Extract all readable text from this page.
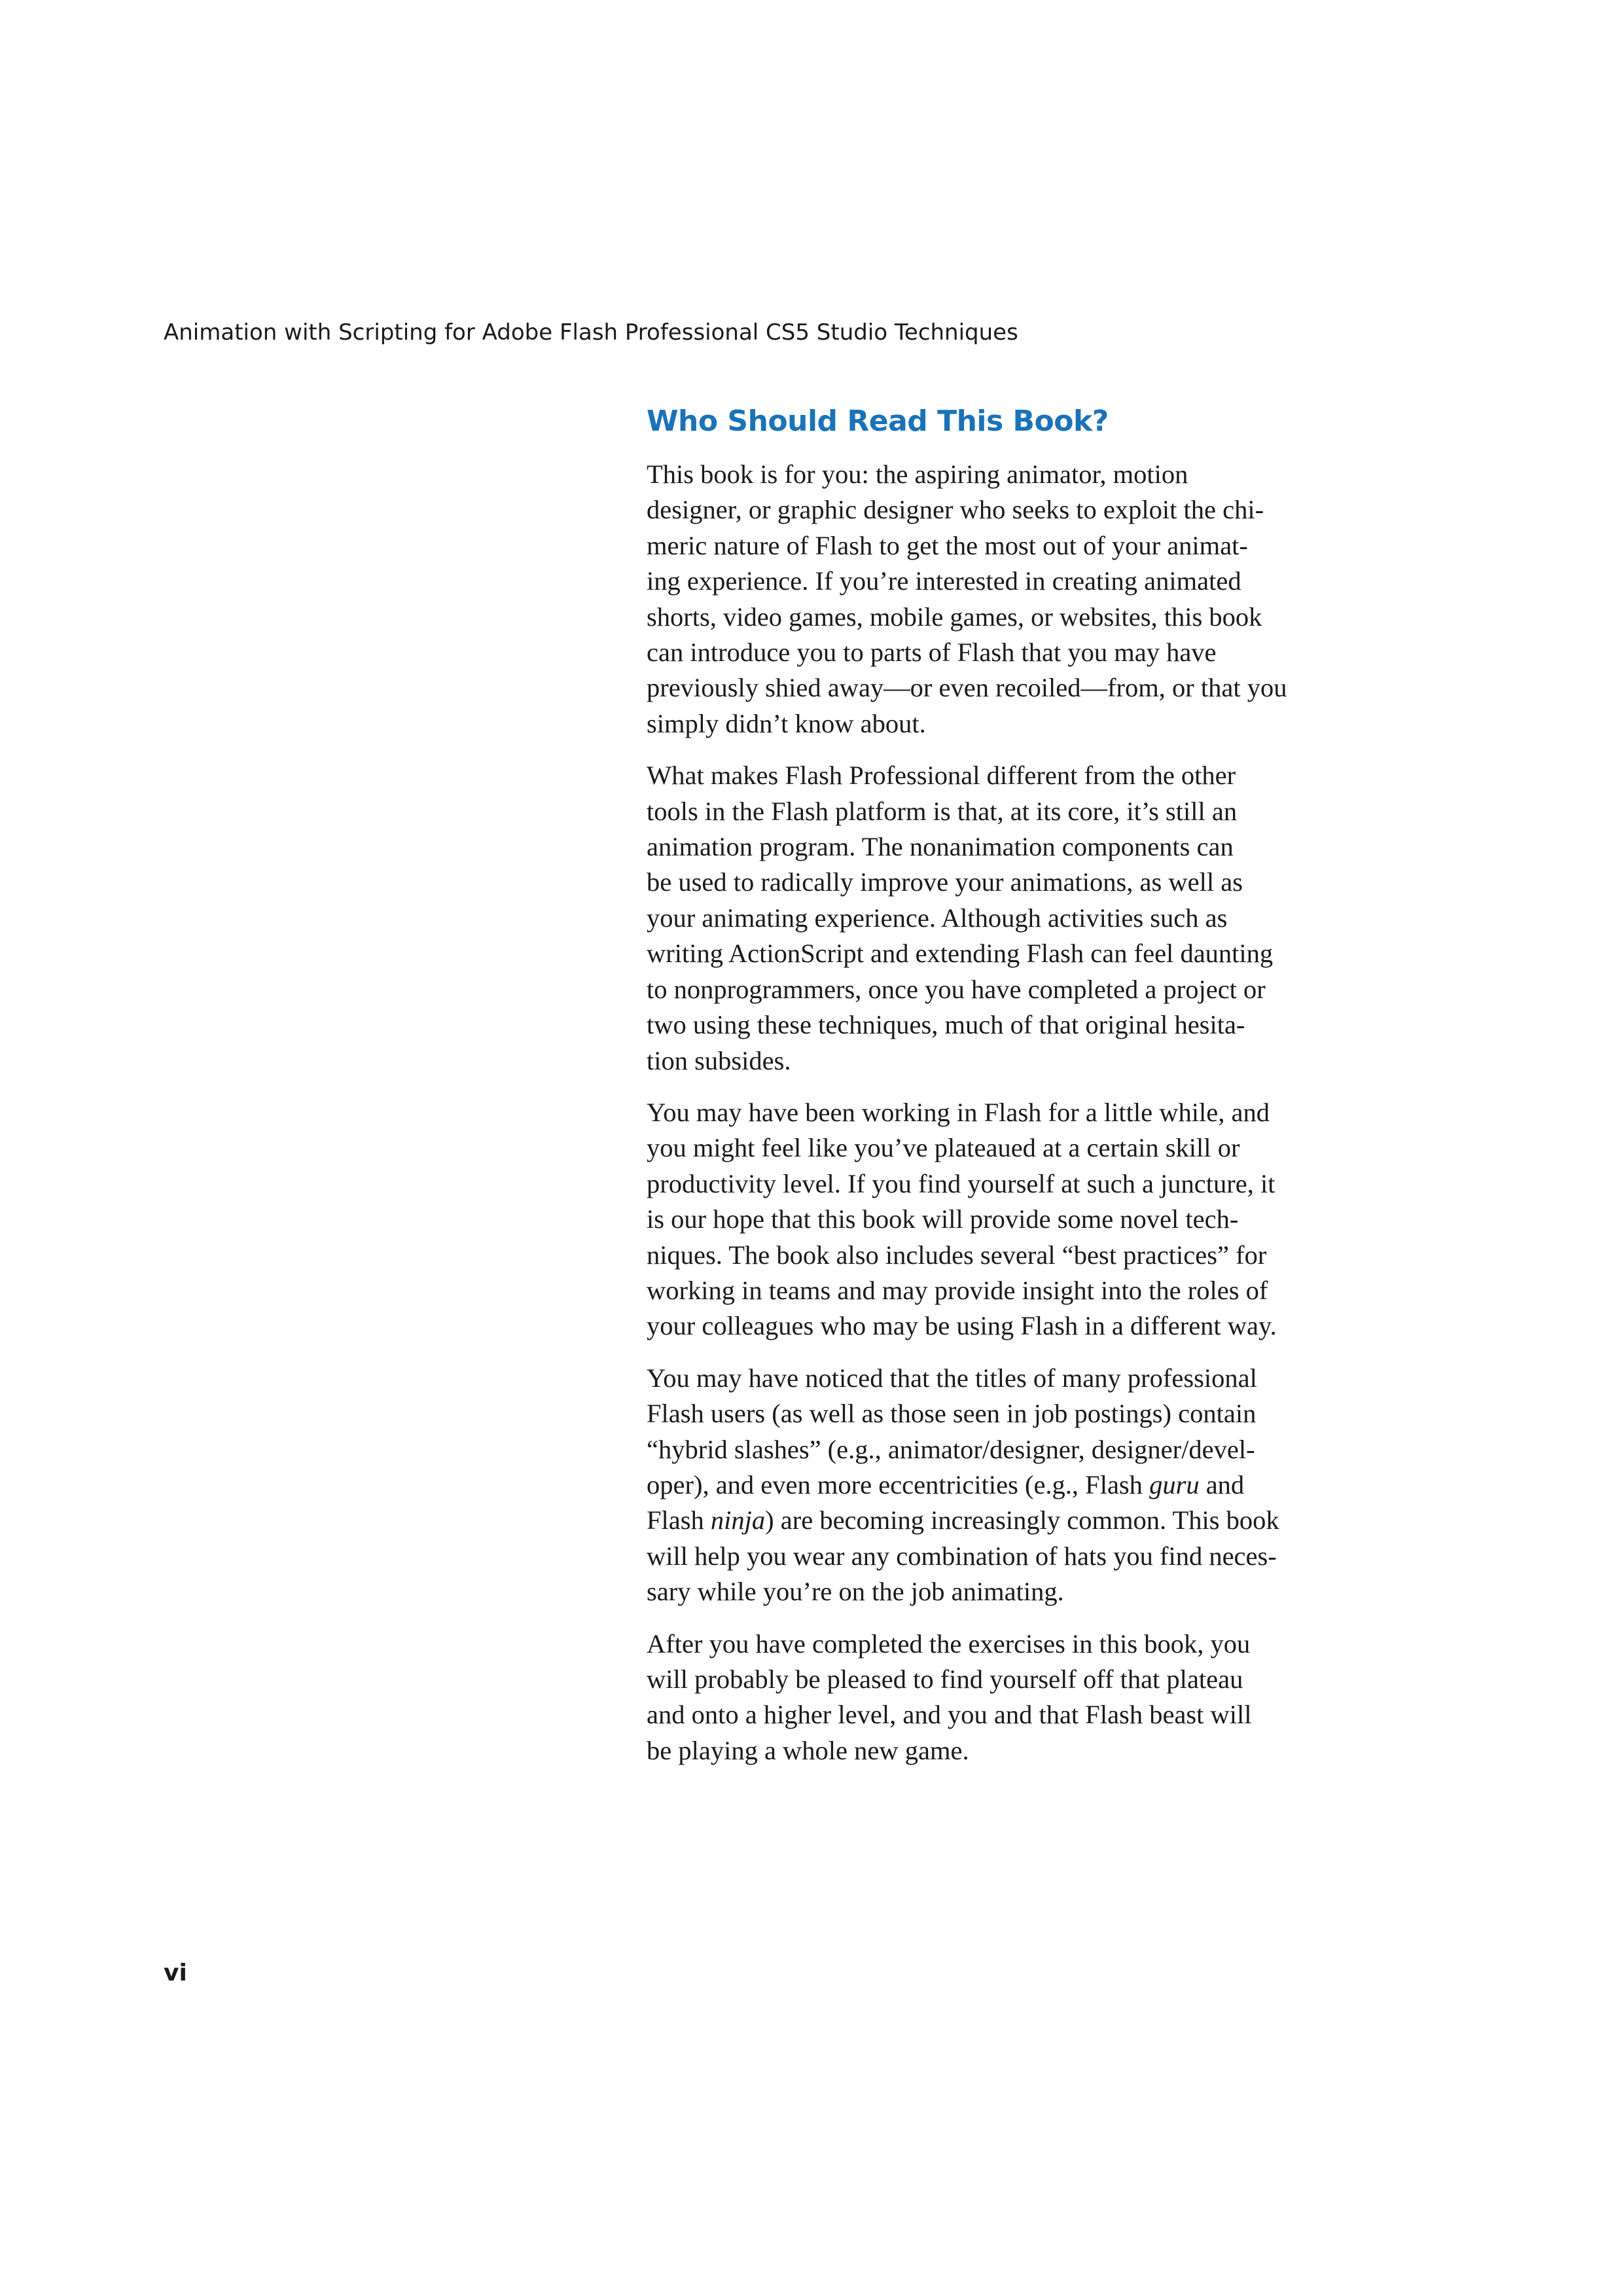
Animation with Scripting for Adobe Flash Professional CS5 Studio Techniques
Who Should Read This Book?

This book is for you: the aspiring animator, motion
designer, or graphic designer who seeks to exploit the chi-
meric nature of Flash to get the most out of your animat-
ing experience. If you’re interested in creating animated
shorts, video games, mobile games, or websites, this book
can introduce you to parts of Flash that you may have
previously shied away—or even recoiled—from, or that you
simply didn’t know about.

What makes Flash Professional different from the other
tools in the Flash platform is that, at its core, it’s still an
animation program. The nonanimation components can
be used to radically improve your animations, as well as
your animating experience. Although activities such as
writing ActionScript and extending Flash can feel daunting
to nonprogrammers, once you have completed a project or
two using these techniques, much of that original hesita-
tion subsides.

You may have been working in Flash for a little while, and
you might feel like you’ve plateaued at a certain skill or
productivity level. If you find yourself at such a juncture, it
is our hope that this book will provide some novel tech-
niques. The book also includes several “best practices” for
working in teams and may provide insight into the roles of
your colleagues who may be using Flash in a different way.

You may have noticed that the titles of many professional
Flash users (as well as those seen in job postings) contain
“hybrid slashes” (e.g., animator/designer, designer/devel-
oper), and even more eccentricities (e.g., Flash guru and
Flash ninja) are becoming increasingly common. This book
will help you wear any combination of hats you find neces-
sary while you’re on the job animating.

After you have completed the exercises in this book, you
will probably be pleased to find yourself off that plateau
and onto a higher level, and you and that Flash beast will
be playing a whole new game.

vi
